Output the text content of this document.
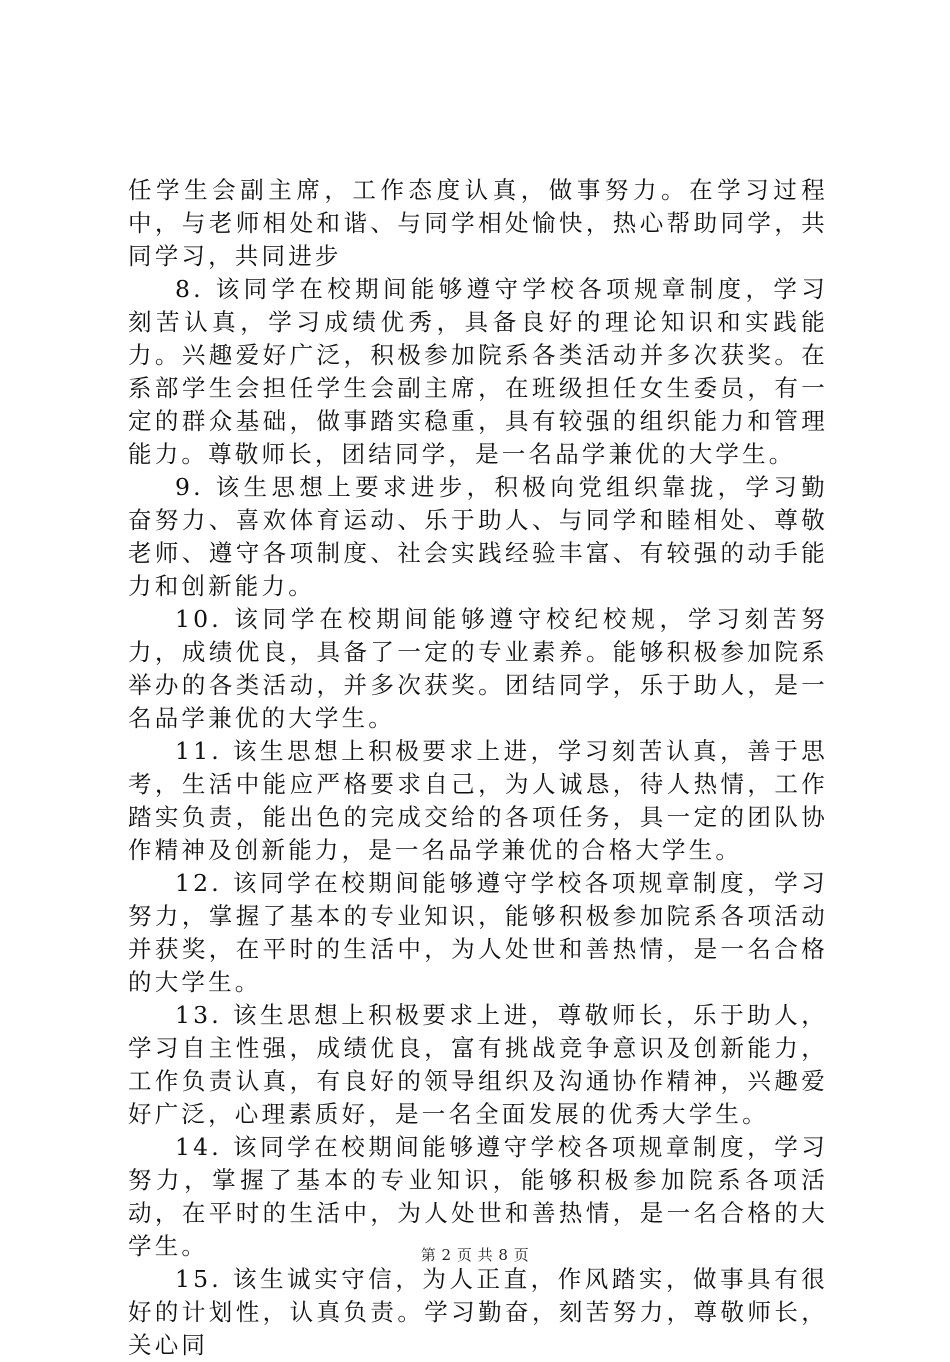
任学生会副主席，工作态度认真，做事努力。在学习过程中，与老师相处和谐、与同学相处愉快，热心帮助同学，共同学习，共同进步

8. 该同学在校期间能够遵守学校各项规章制度，学习刻苦认真，学习成绩优秀，具备良好的理论知识和实践能力。兴趣爱好广泛，积极参加院系各类活动并多次获奖。在系部学生会担任学生会副主席，在班级担任女生委员，有一定的群众基础，做事踏实稳重，具有较强的组织能力和管理能力。尊敬师长，团结同学，是一名品学兼优的大学生。

9. 该生思想上要求进步，积极向党组织靠拢，学习勤奋努力、喜欢体育运动、乐于助人、与同学和睦相处、尊敬老师、遵守各项制度、社会实践经验丰富、有较强的动手能力和创新能力。

10. 该同学在校期间能够遵守校纪校规，学习刻苦努力，成绩优良，具备了一定的专业素养。能够积极参加院系举办的各类活动，并多次获奖。团结同学，乐于助人，是一名品学兼优的大学生。

11. 该生思想上积极要求上进，学习刻苦认真，善于思考，生活中能应严格要求自己，为人诚恳，待人热情，工作踏实负责，能出色的完成交给的各项任务，具一定的团队协作精神及创新能力，是一名品学兼优的合格大学生。

12. 该同学在校期间能够遵守学校各项规章制度，学习努力，掌握了基本的专业知识，能够积极参加院系各项活动并获奖，在平时的生活中，为人处世和善热情，是一名合格的大学生。

13. 该生思想上积极要求上进，尊敬师长，乐于助人，学习自主性强，成绩优良，富有挑战竞争意识及创新能力，工作负责认真，有良好的领导组织及沟通协作精神，兴趣爱好广泛，心理素质好，是一名全面发展的优秀大学生。

14. 该同学在校期间能够遵守学校各项规章制度，学习努力，掌握了基本的专业知识，能够积极参加院系各项活动，在平时的生活中，为人处世和善热情，是一名合格的大学生。

15. 该生诚实守信，为人正直，作风踏实，做事具有很好的计划性，认真负责。学习勤奋，刻苦努力，尊敬师长，关心同

第 2 页 共 8 页
